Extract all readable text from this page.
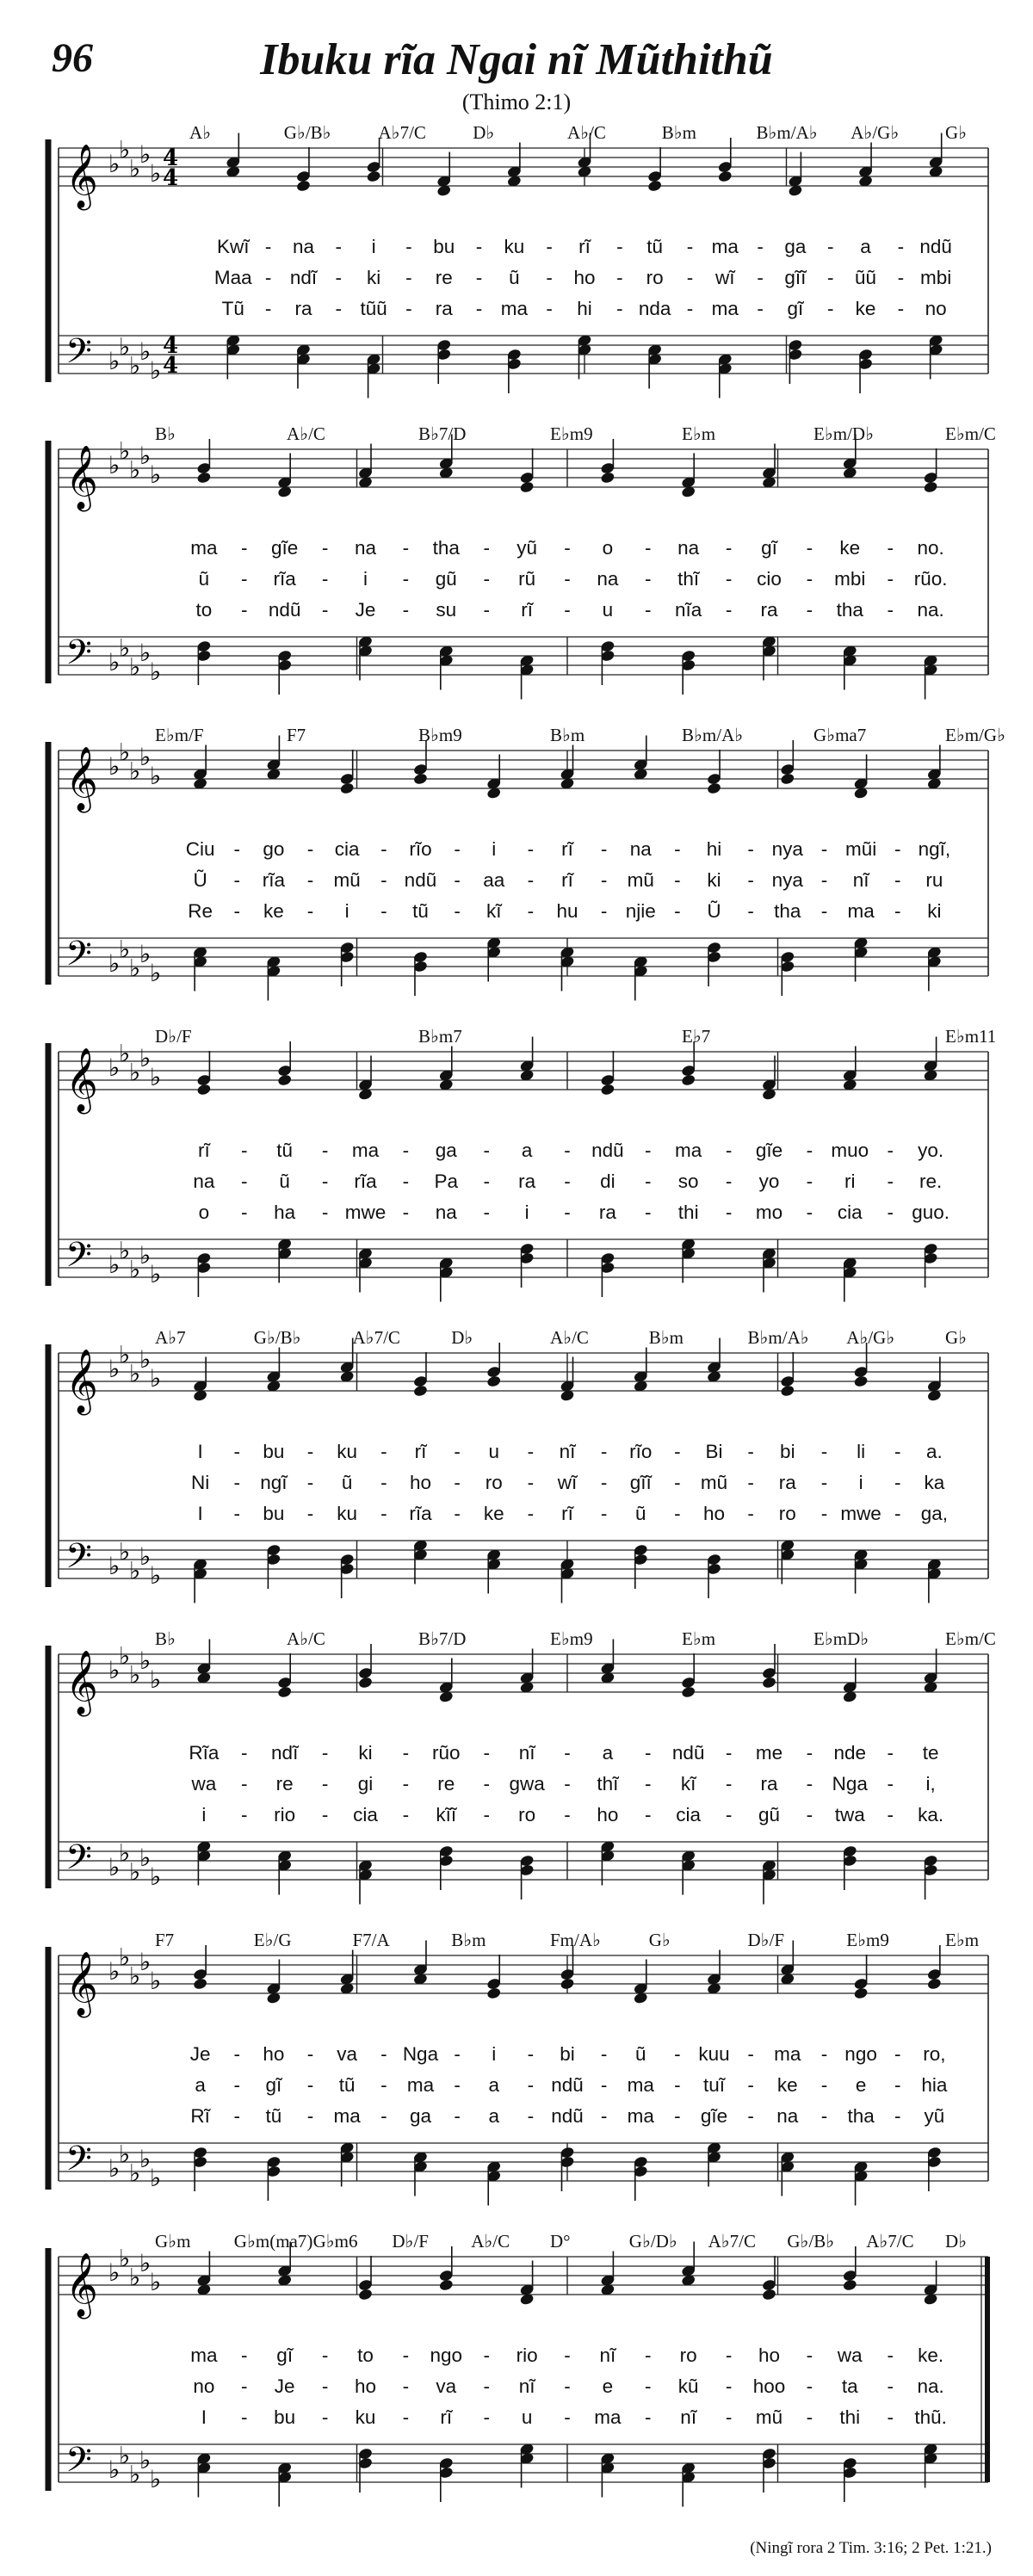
96	Ibuku rĩa Ngai nĩ Mũthithũ
(Thimo 2:1)
𝄞
𝄢
♭
♭
♭
♭
♭
♭
♭
♭
♭
♭
4
4
4
4
A♭	G♭/B♭	A♭7/C	D♭	A♭/C	B♭m	B♭m/A♭ A♭/G♭	G♭
Kwĩ - na - i - bu - ku - rĩ - tũ - ma - ga - a - ndũ
Maa - ndĩ - ki - re - ũ - ho - ro - wĩ - gĩĩ - ũũ - mbi
Tũ - ra - tũũ - ra - ma - hi - nda - ma - gĩ - ke - no
𝄞
𝄢
♭
♭
♭
♭
♭
♭
♭
♭
♭
♭
B♭	A♭/C	B♭7/D	E♭m9	E♭m	E♭m/D♭	E♭m/C
ma - gĩe - na - tha - yũ - o - na - gĩ - ke - no.
ũ - rĩa - i - gũ - rũ - na - thĩ - cio - mbi - rũo.
to - ndũ - Je - su - rĩ - u - nĩa - ra - tha - na.
𝄞
𝄢
♭
♭
♭
♭
♭
♭
♭
♭
♭
♭
E♭m/F	F7	B♭m9	B♭m	B♭m/A♭	G♭ma7	E♭m/G♭
Ciu - go - cia - rĩo - i - rĩ - na - hi - nya - mũi - ngĩ,
Ũ - rĩa - mũ - ndũ - aa - rĩ - mũ - ki - nya - nĩ - ru
Re - ke - i - tũ - kĩ - hu - njie - Ũ - tha - ma - ki
𝄞
𝄢
♭
♭
♭
♭
♭
♭
♭
♭
♭
♭
D♭/F	B♭m7	E♭7	E♭m11
rĩ - tũ - ma - ga - a - ndũ - ma - gĩe - muo - yo.
na - ũ - rĩa - Pa - ra - di - so - yo - ri - re.
o - ha - mwe - na - i - ra - thi - mo - cia - guo.
𝄞
𝄢
♭
♭
♭
♭
♭
♭
♭
♭
♭
♭
A♭7	G♭/B♭	A♭7/C	D♭	A♭/C	B♭m	B♭m/A♭ A♭/G♭	G♭
I - bu - ku - rĩ - u - nĩ - rĩo - Bi - bi - li - a.
Ni - ngĩ - ũ - ho - ro - wĩ - gĩĩ - mũ - ra - i - ka
I - bu - ku - rĩa - ke - rĩ - ũ - ho - ro - mwe - ga,
𝄞
𝄢
♭
♭
♭
♭
♭
♭
♭
♭
♭
♭
B♭	A♭/C	B♭7/D	E♭m9	E♭m	E♭mD♭	E♭m/C
Rĩa - ndĩ - ki - rũo - nĩ - a - ndũ - me - nde - te
wa - re - gi - re - gwa - thĩ - kĩ - ra - Nga - i,
i - rio - cia - kĩĩ - ro - ho - cia - gũ - twa - ka.
𝄞
𝄢
♭
♭
♭
♭
♭
♭
♭
♭
♭
♭
F7	E♭/G	F7/A	B♭m	Fm/A♭	G♭	D♭/F	E♭m9	E♭m
Je - ho - va - Nga - i - bi - ũ - kuu - ma - ngo - ro,
a - gĩ - tũ - ma - a - ndũ - ma - tuĩ - ke - e - hia
Rĩ - tũ - ma - ga - a - ndũ - ma - gĩe - na - tha - yũ
𝄞
𝄢
♭
♭
♭
♭
♭
♭
♭
♭
♭
♭
G♭m G♭m(ma7) G♭m6 D♭/F A♭/C D°	G♭/D♭ A♭7/C G♭/B♭ A♭7/C D♭
ma - gĩ - to - ngo - rio - nĩ - ro - ho - wa - ke.
no - Je - ho - va - nĩ - e - kũ - hoo - ta - na.
I - bu - ku - rĩ - u - ma - nĩ - mũ - thi - thũ.
(Ningĩ rora 2 Tim. 3:16; 2 Pet. 1:21.)
